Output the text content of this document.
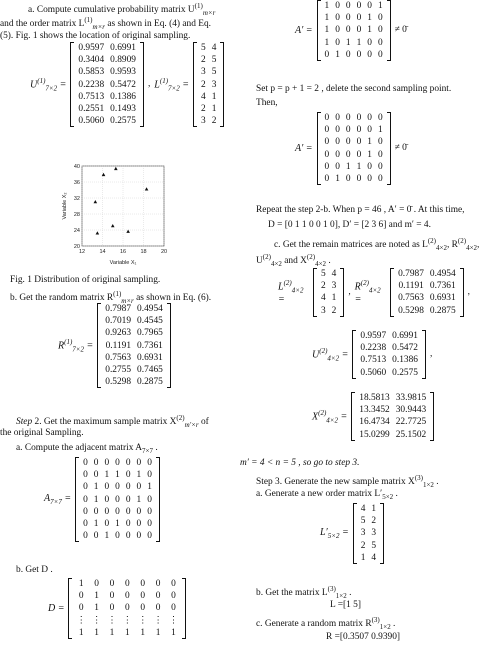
a. Compute cumulative probability matrix $U^{(1)}_{m\times r}$
and the order matrix $L^{(1)}_{m\times r}$ as shown in Eq. (4) and Eq.
(5). Fig. 1 shows the location of original sampling.
$U^{(1)}_{7\times 2}$ =
0.9597	0.6991
0.3404	0.8909
0.5853	0.9593
0.2238	0.5472
0.7513	0.1386
0.2551	0.1493
0.5060	0.2575
, $L^{(1)}_{7\times 2}$ =
5	4
2	5
3	5
2	3
4	1
2	1
3	2
12	14	16	18	20
20
24
28
32
36
40
Variable X₁
Variable X₂
Fig. 1 Distribution of original sampling.
b. Get the random matrix $R^{(1)}_{m\times r}$ as shown in Eq. (6).
$R^{(1)}_{7\times 2}$ =
0.7987	0.4954
0.7019	0.4545
0.9263	0.7965
0.1191	0.7361
0.7563	0.6931
0.2755	0.7465
0.5298	0.2875
Step 2. Get the maximum sample matrix $X^{(2)}_{m'\times r}$ of
the original Sampling.
a. Compute the adjacent matrix $A_{7\times 7}$ .
$A_{7\times 7}$ =
0	0	0	0	0	0	0
0	0	1	1	0	1	0
0	1	0	0	0	0	1
0	1	0	0	0	1	0
0	0	0	0	0	0	0
0	1	0	1	0	0	0
0	0	1	0	0	0	0
b. Get D .
D =
1	0	0	0	0	0	0
0	1	0	0	0	0	0
0	1	0	0	0	0	0
⋮	⋮	⋮	⋮	⋮	⋮	⋮
1	1	1	1	1	1	1
A′ =
1	0	0	0	0	1
1	0	0	0	1	0
1	0	0	0	1	0
1	0	1	1	0	0
0	1	0	0	0	0
≠ 0̄
Set p = p + 1 = 2 , delete the second sampling point.
Then,
A′ =
0	0	0	0	0	0
0	0	0	0	0	1
0	0	0	0	1	0
0	0	0	0	1	0
0	0	1	1	0	0
0	1	0	0	0	0
≠ 0̄
Repeat the step 2-b. When p = 46 , A′ = 0̄ . At this time,
D = [0 1 1 0 0 1 0], D′ = [2 3 6] and m′ = 4.
c. Get the remain matrices are noted as $L^{(2)}_{4\times 2}$, $R^{(2)}_{4\times 2}$
$U^{(2)}_{4\times 2}$ and $X^{(2)}_{4\times 2}$ .
$L^{(2)}_{4\times 2}$ =
5	4
2	3
4	1
3	2
, $R^{(2)}_{4\times 2}$ =
0.7987	0.4954
0.1191	0.7361
0.7563	0.6931
0.5298	0.2875
,
$U^{(2)}_{4\times 2}$ =
0.9597	0.6991
0.2238	0.5472
0.7513	0.1386
0.5060	0.2575
,
$X^{(2)}_{4\times 2}$ =
18.5813	33.9815
13.3452	30.9443
16.4734	22.7725
15.0299	25.1502
m′ = 4 < n = 5 , so go to step 3.
Step 3. Generate the new sample matrix $X^{(3)}_{1\times 2}$ .
a. Generate a new order matrix $L'_{5\times 2}$ .
$L'_{5\times 2}$ =
4	1
5	2
3	3
2	5
1	4
b. Get the matrix $L^{(3)}_{1\times 2}$ .
L =[1 5]
c. Generate a random matrix $R^{(3)}_{1\times 2}$ .
R =[0.3507 0.9390]
